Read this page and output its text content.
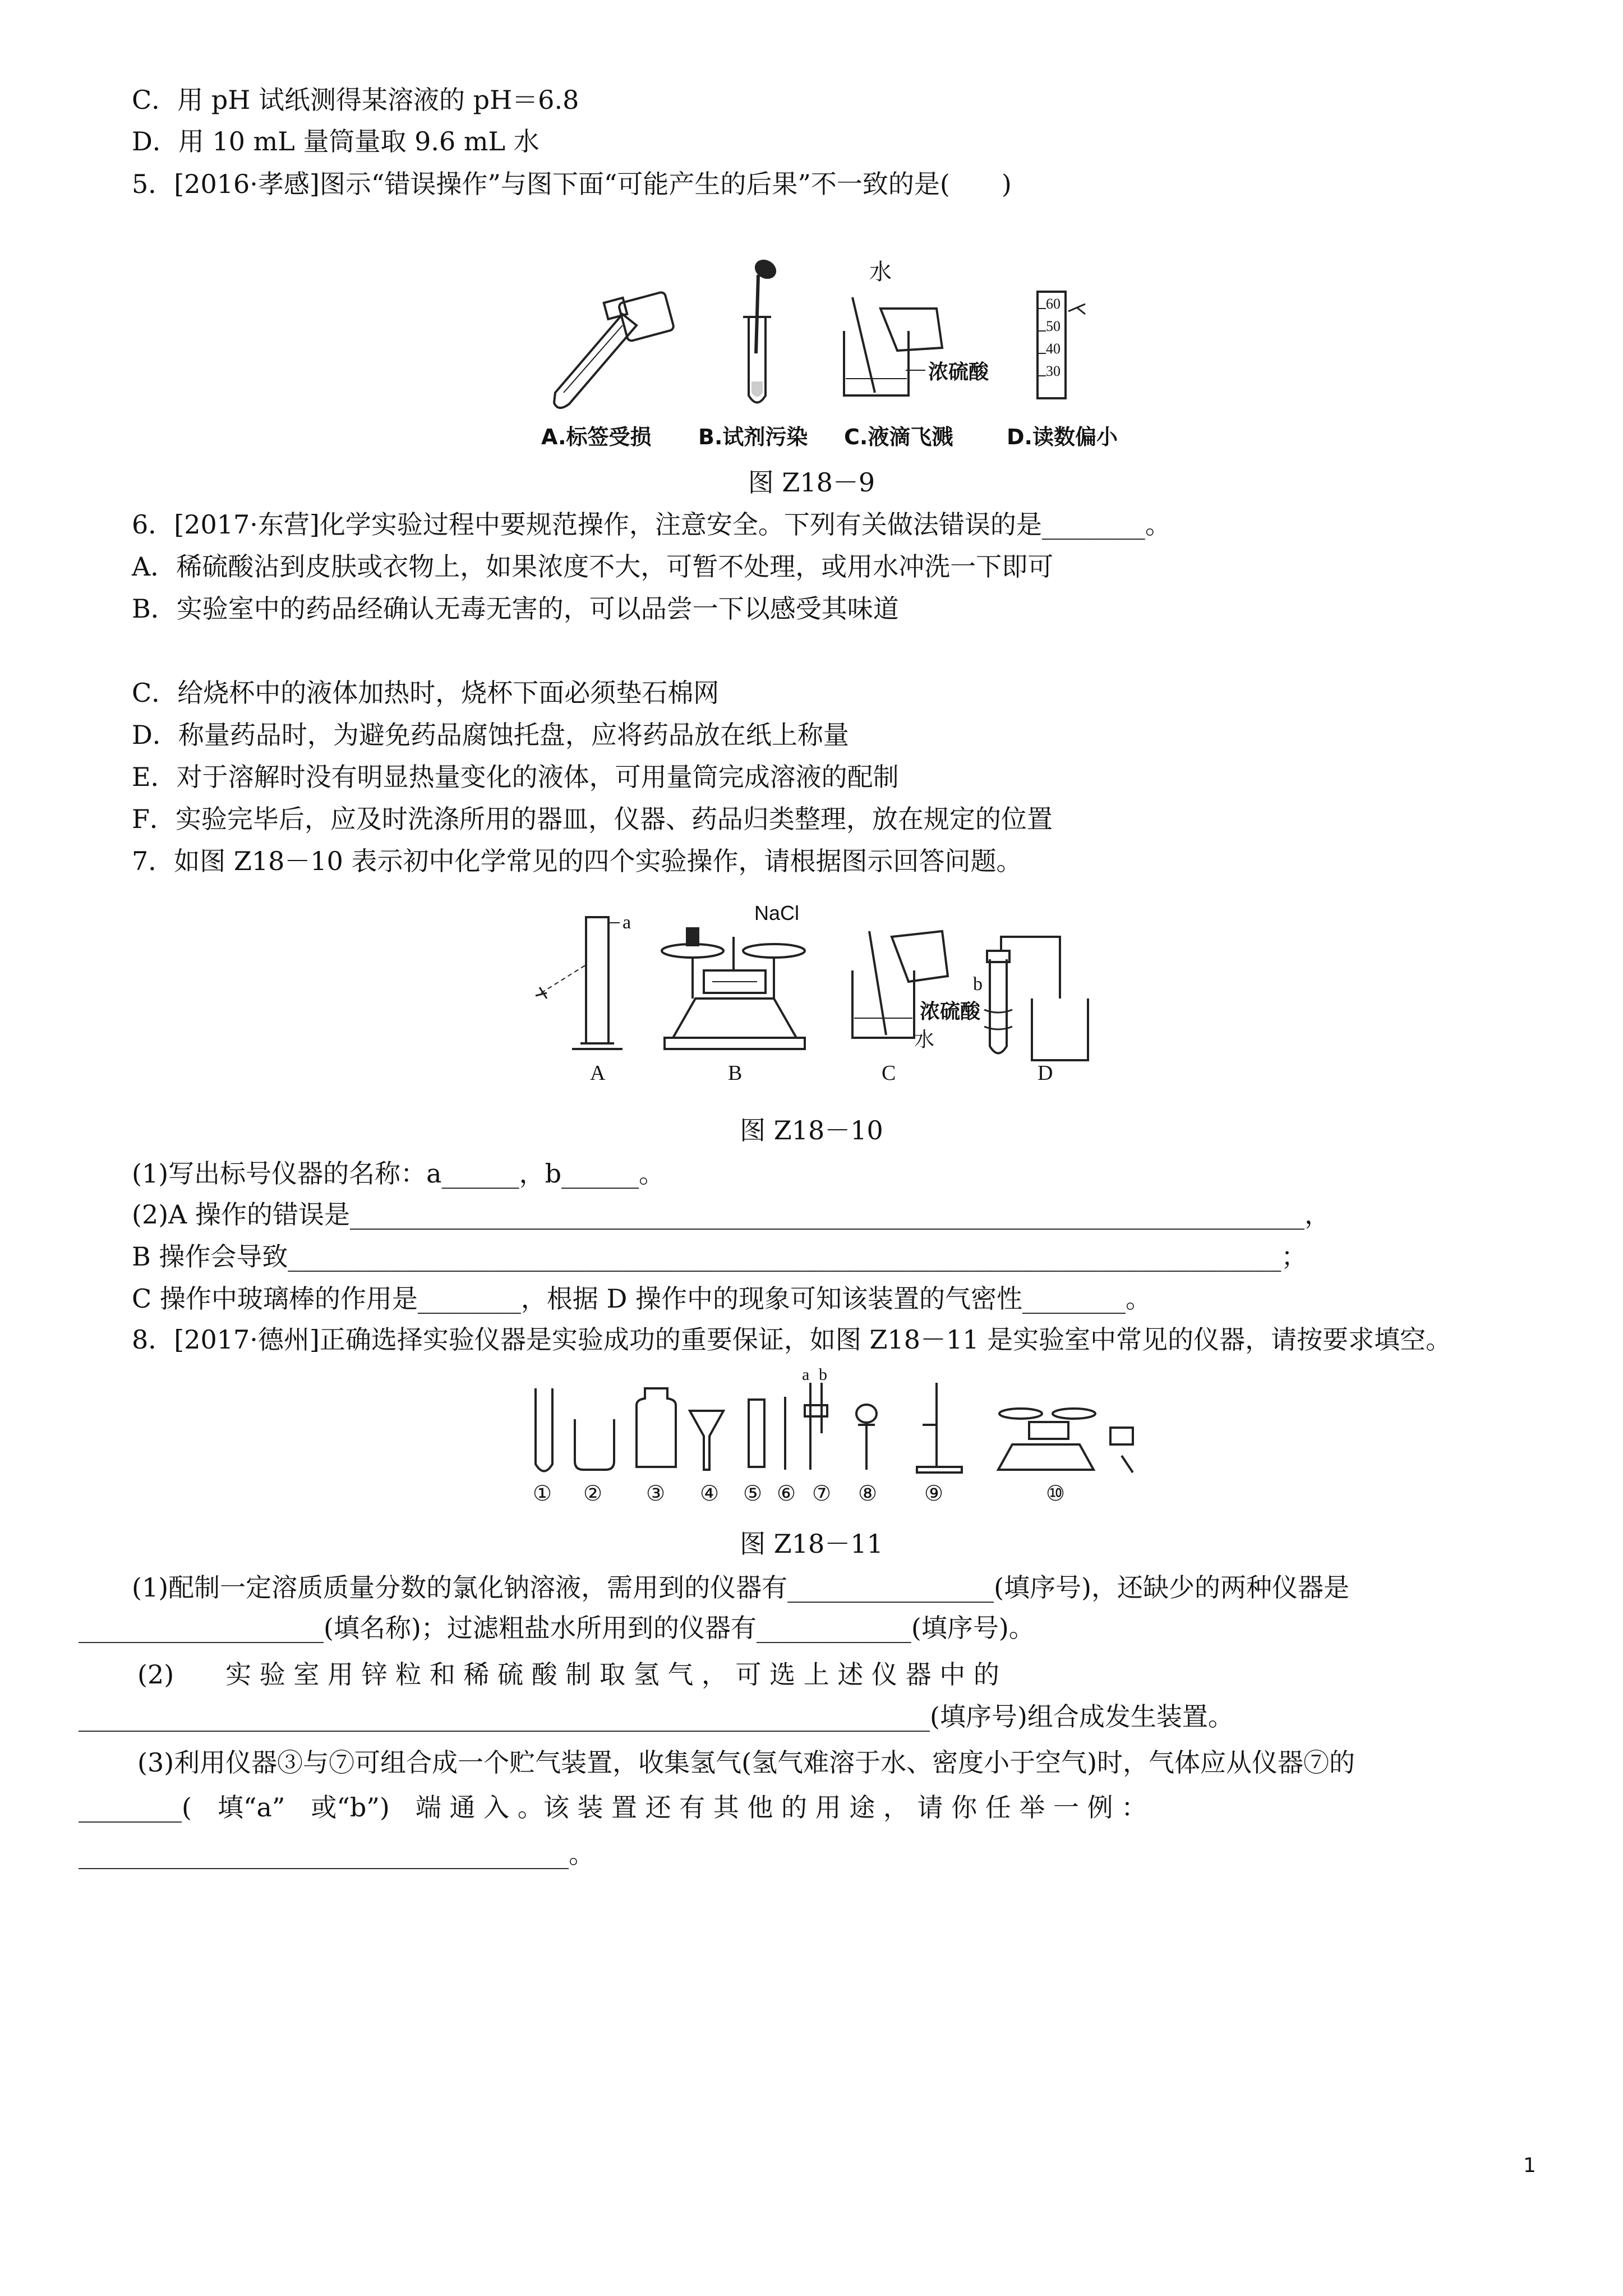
C．用 pH 试纸测得某溶液的 pH＝6.8
D．用 10 mL 量筒量取 9.6 mL 水
5．[2016·孝感]图示“错误操作”与图下面“可能产生的后果”不一致的是(　　)
水
浓硫酸
60
50
40
30
A.标签受损 B.试剂污染 C.液滴飞溅	D.读数偏小
图 Z18－9
6．[2017·东营]化学实验过程中要规范操作，注意安全。下列有关做法错误的是________。
A．稀硫酸沾到皮肤或衣物上，如果浓度不大，可暂不处理，或用水冲洗一下即可
B．实验室中的药品经确认无毒无害的，可以品尝一下以感受其味道
C．给烧杯中的液体加热时，烧杯下面必须垫石棉网
D．称量药品时，为避免药品腐蚀托盘，应将药品放在纸上称量
E．对于溶解时没有明显热量变化的液体，可用量筒完成溶液的配制
F．实验完毕后，应及时洗涤所用的器皿，仪器、药品归类整理，放在规定的位置
7．如图 Z18－10 表示初中化学常见的四个实验操作，请根据图示回答问题。
a	NaCl
水
浓硫酸
b
A	B	C	D
图 Z18－10
(1)写出标号仪器的名称：a______，b______。
(2)A 操作的错误是__________________________________________________________________________，
B 操作会导致_____________________________________________________________________________；
C 操作中玻璃棒的作用是________，根据 D 操作中的现象可知该装置的气密性________。
8．[2017·德州]正确选择实验仪器是实验成功的重要保证，如图 Z18－11 是实验室中常见的仪器，请按要求填空。
a b
① ② ③ ④ ⑤ ⑥ ⑦ ⑧ ⑨	⑩
图 Z18－11
(1)配制一定溶质质量分数的氯化钠溶液，需用到的仪器有________________(填序号)，还缺少的两种仪器是
___________________(填名称)；过滤粗盐水所用到的仪器有____________(填序号)。
(2)　　实 验 室 用 锌 粒 和 稀 硫 酸 制 取 氢 气 ， 可 选 上 述 仪 器 中 的
__________________________________________________________________(填序号)组合成发生装置。
(3)利用仪器③与⑦可组合成一个贮气装置，收集氢气(氢气难溶于水、密度小于空气)时，气体应从仪器⑦的
________(　填“a”　或“b”)　端 通 入 。该 装 置 还 有 其 他 的 用 途 ， 请 你 任 举 一 例 ：
______________________________________。
1
